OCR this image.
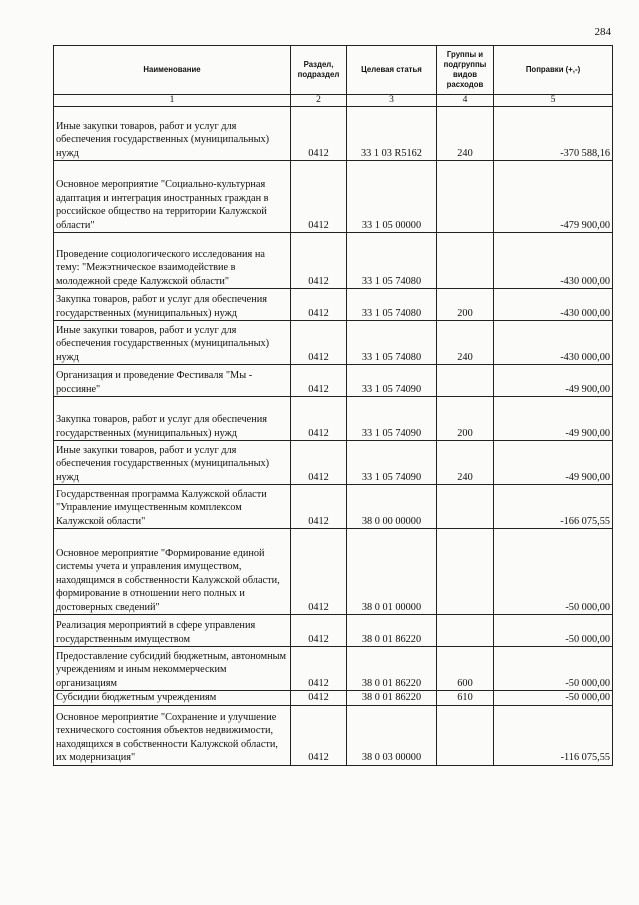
284
Наименование	Раздел, подраздел	Целевая статья	Группы и подгруппы видов расходов	Поправки (+,-)
1	2	3	4	5
Иные закупки товаров, работ и услуг для обеспечения государственных (муниципальных) нужд	0412	33 1 03 R5162	240	-370 588,16
Основное мероприятие "Социально-культурная адаптация и интеграция иностранных граждан в российское общество на территории Калужской области"	0412	33 1 05 00000		-479 900,00
Проведение социологического исследования на тему: "Межэтническое взаимодействие в молодежной среде Калужской области"	0412	33 1 05 74080		-430 000,00
Закупка товаров, работ и услуг для обеспечения государственных (муниципальных) нужд	0412	33 1 05 74080	200	-430 000,00
Иные закупки товаров, работ и услуг для обеспечения государственных (муниципальных) нужд	0412	33 1 05 74080	240	-430 000,00
Организация и проведение Фестиваля "Мы - россияне"	0412	33 1 05 74090		-49 900,00
Закупка товаров, работ и услуг для обеспечения государственных (муниципальных) нужд	0412	33 1 05 74090	200	-49 900,00
Иные закупки товаров, работ и услуг для обеспечения государственных (муниципальных) нужд	0412	33 1 05 74090	240	-49 900,00
Государственная программа Калужской области "Управление имущественным комплексом Калужской области"	0412	38 0 00 00000		-166 075,55
Основное мероприятие "Формирование единой системы учета и управления имуществом, находящимся в собственности Калужской области, формирование в отношении него полных и достоверных сведений"	0412	38 0 01 00000		-50 000,00
Реализация мероприятий в сфере управления государственным имуществом	0412	38 0 01 86220		-50 000,00
Предоставление субсидий бюджетным, автономным учреждениям и иным некоммерческим организациям	0412	38 0 01 86220	600	-50 000,00
Субсидии бюджетным учреждениям	0412	38 0 01 86220	610	-50 000,00
Основное мероприятие "Сохранение и улучшение технического состояния объектов недвижимости, находящихся в собственности Калужской области, их модернизация"	0412	38 0 03 00000		-116 075,55
